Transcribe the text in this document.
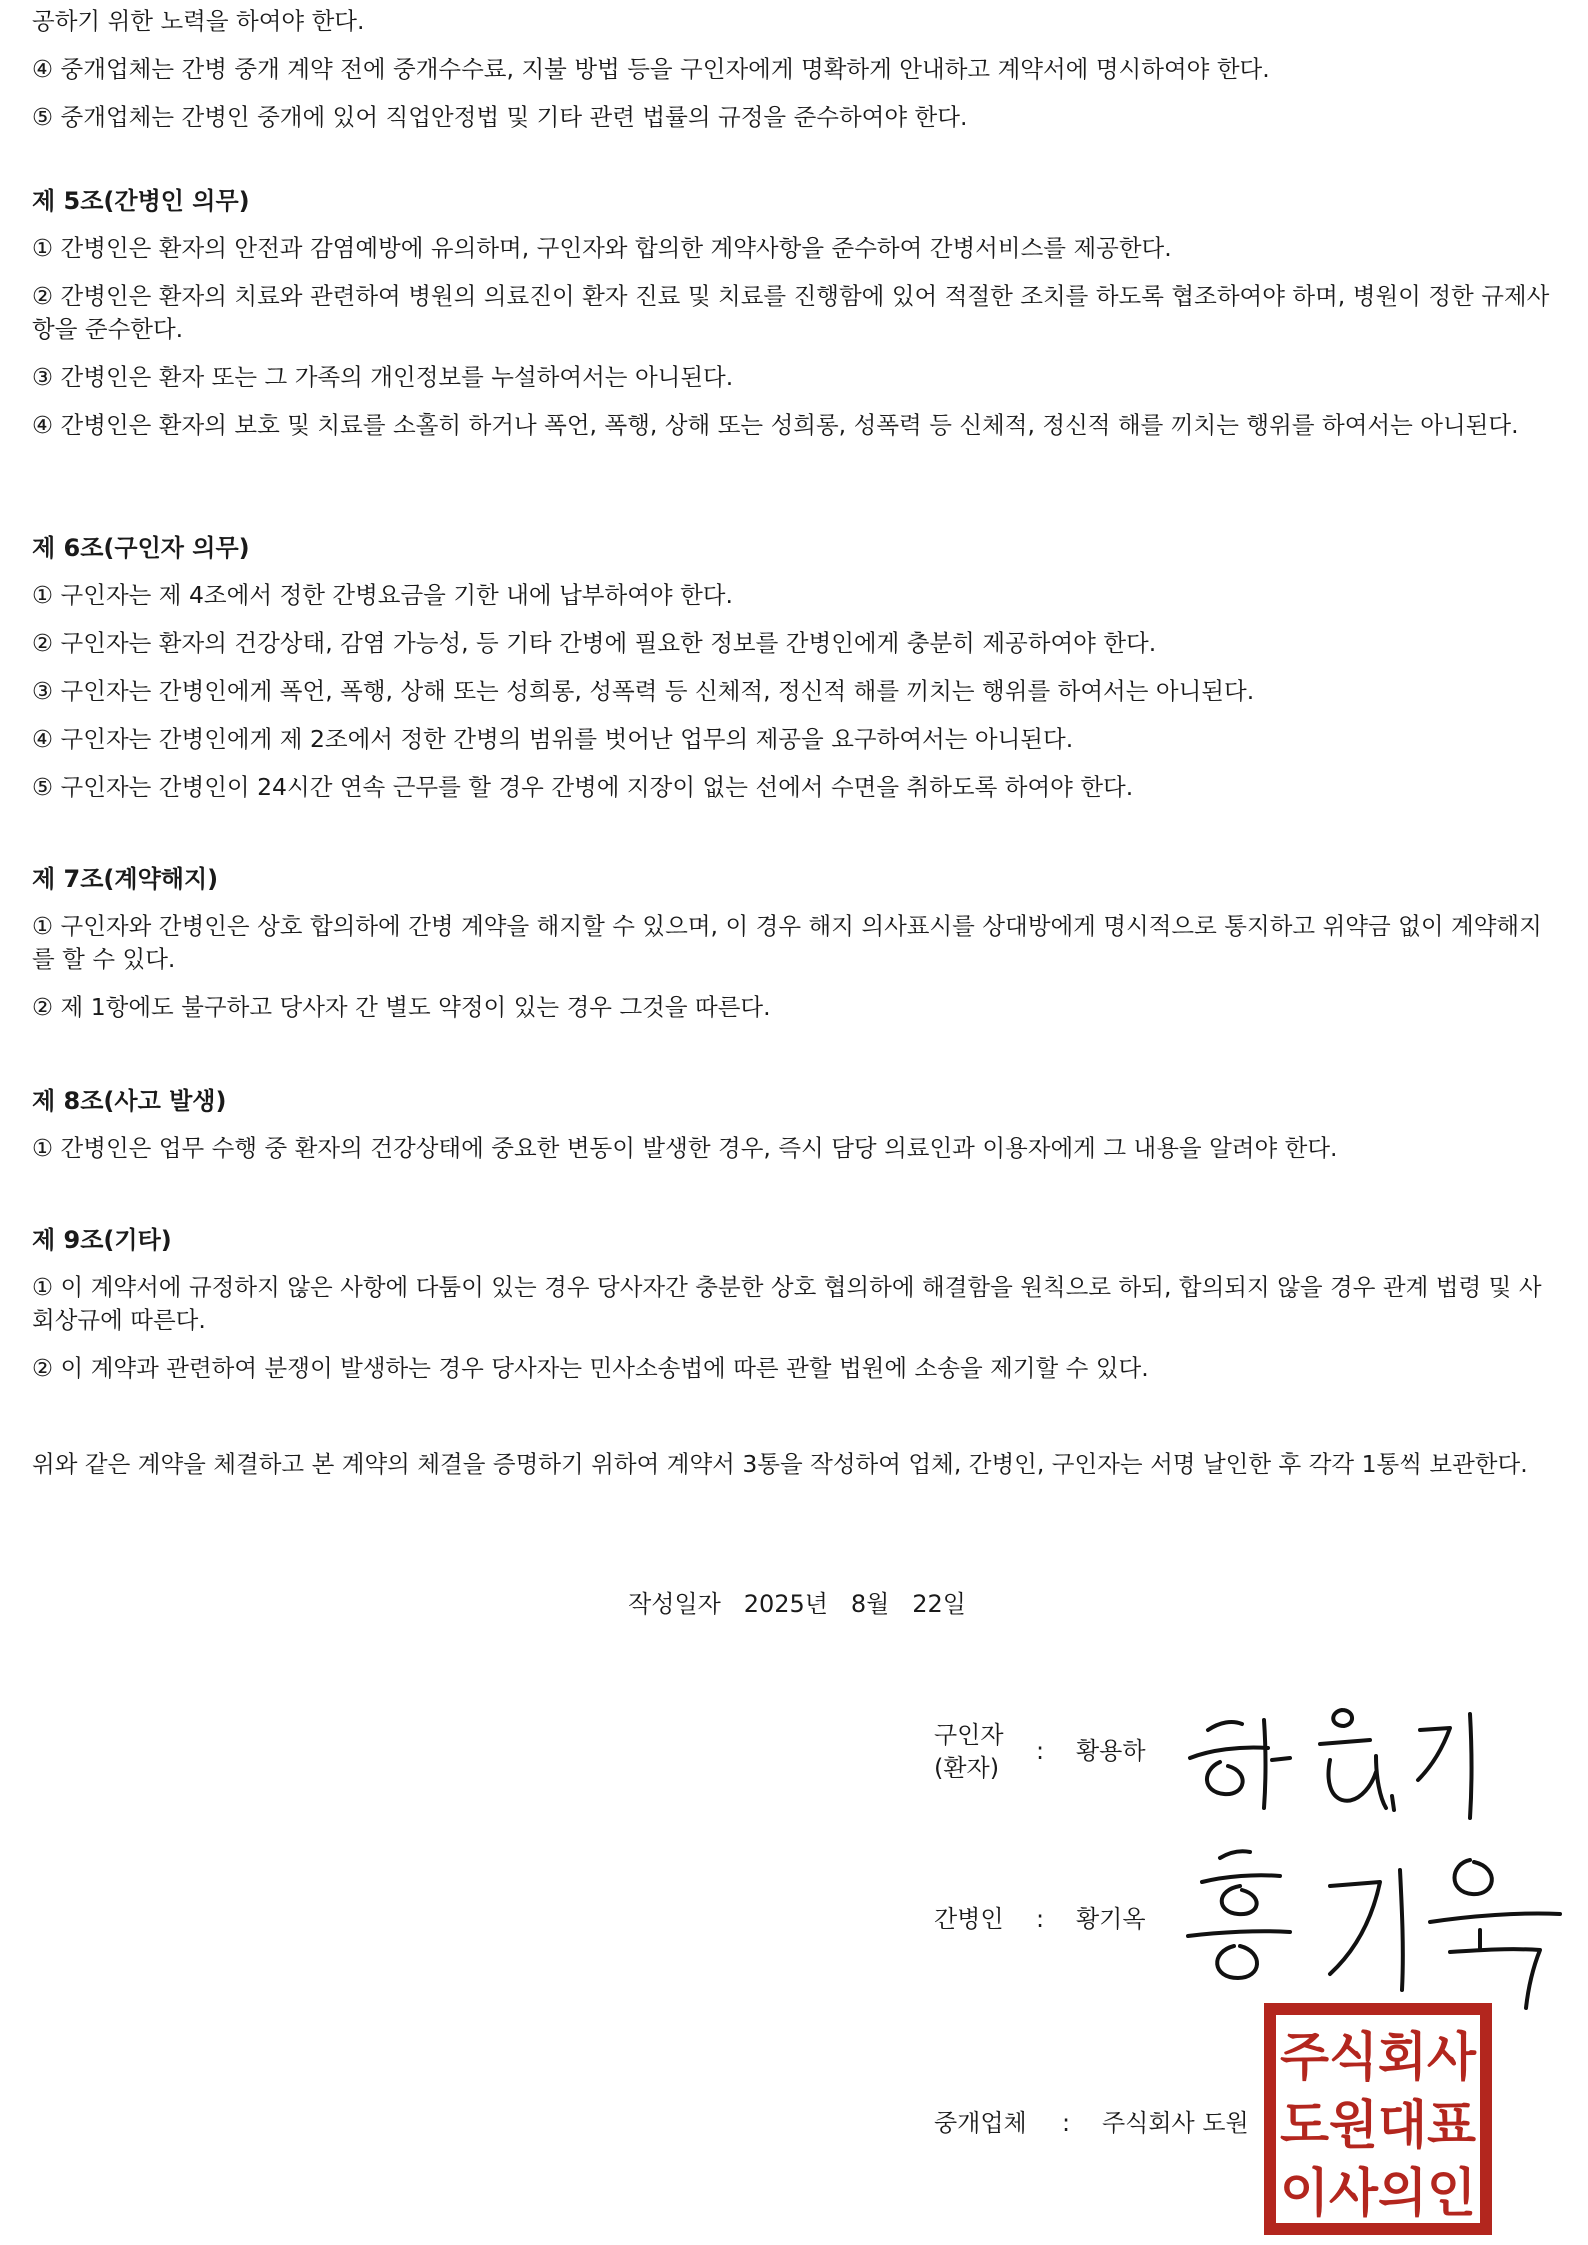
공하기 위한 노력을 하여야 한다.

④ 중개업체는 간병 중개 계약 전에 중개수수료, 지불 방법 등을 구인자에게 명확하게 안내하고 계약서에 명시하여야 한다.

⑤ 중개업체는 간병인 중개에 있어 직업안정법 및 기타 관련 법률의 규정을 준수하여야 한다.

제 5조(간병인 의무)

① 간병인은 환자의 안전과 감염예방에 유의하며, 구인자와 합의한 계약사항을 준수하여 간병서비스를 제공한다.

② 간병인은 환자의 치료와 관련하여 병원의 의료진이 환자 진료 및 치료를 진행함에 있어 적절한 조치를 하도록 협조하여야 하며, 병원이 정한 규제사항을 준수한다.

③ 간병인은 환자 또는 그 가족의 개인정보를 누설하여서는 아니된다.

④ 간병인은 환자의 보호 및 치료를 소홀히 하거나 폭언, 폭행, 상해 또는 성희롱, 성폭력 등 신체적, 정신적 해를 끼치는 행위를 하여서는 아니된다.

제 6조(구인자 의무)

① 구인자는 제 4조에서 정한 간병요금을 기한 내에 납부하여야 한다.

② 구인자는 환자의 건강상태, 감염 가능성, 등 기타 간병에 필요한 정보를 간병인에게 충분히 제공하여야 한다.

③ 구인자는 간병인에게 폭언, 폭행, 상해 또는 성희롱, 성폭력 등 신체적, 정신적 해를 끼치는 행위를 하여서는 아니된다.

④ 구인자는 간병인에게 제 2조에서 정한 간병의 범위를 벗어난 업무의 제공을 요구하여서는 아니된다.

⑤ 구인자는 간병인이 24시간 연속 근무를 할 경우 간병에 지장이 없는 선에서 수면을 취하도록 하여야 한다.

제 7조(계약해지)

① 구인자와 간병인은 상호 합의하에 간병 계약을 해지할 수 있으며, 이 경우 해지 의사표시를 상대방에게 명시적으로 통지하고 위약금 없이 계약해지를 할 수 있다.

② 제 1항에도 불구하고 당사자 간 별도 약정이 있는 경우 그것을 따른다.

제 8조(사고 발생)

① 간병인은 업무 수행 중 환자의 건강상태에 중요한 변동이 발생한 경우, 즉시 담당 의료인과 이용자에게 그 내용을 알려야 한다.

제 9조(기타)

① 이 계약서에 규정하지 않은 사항에 다툼이 있는 경우 당사자간 충분한 상호 협의하에 해결함을 원칙으로 하되, 합의되지 않을 경우 관계 법령 및 사회상규에 따른다.

② 이 계약과 관련하여 분쟁이 발생하는 경우 당사자는 민사소송법에 따른 관할 법원에 소송을 제기할 수 있다.

위와 같은 계약을 체결하고 본 계약의 체결을 증명하기 위하여 계약서 3통을 작성하여 업체, 간병인, 구인자는 서명 날인한 후 각각 1통씩 보관한다.

작성일자   2025년   8월   22일
구인자
(환자)
: 황용하
간병인 : 황기옥
중개업체 : 주식회사 도원
주식회사
도원대표
이사의인
